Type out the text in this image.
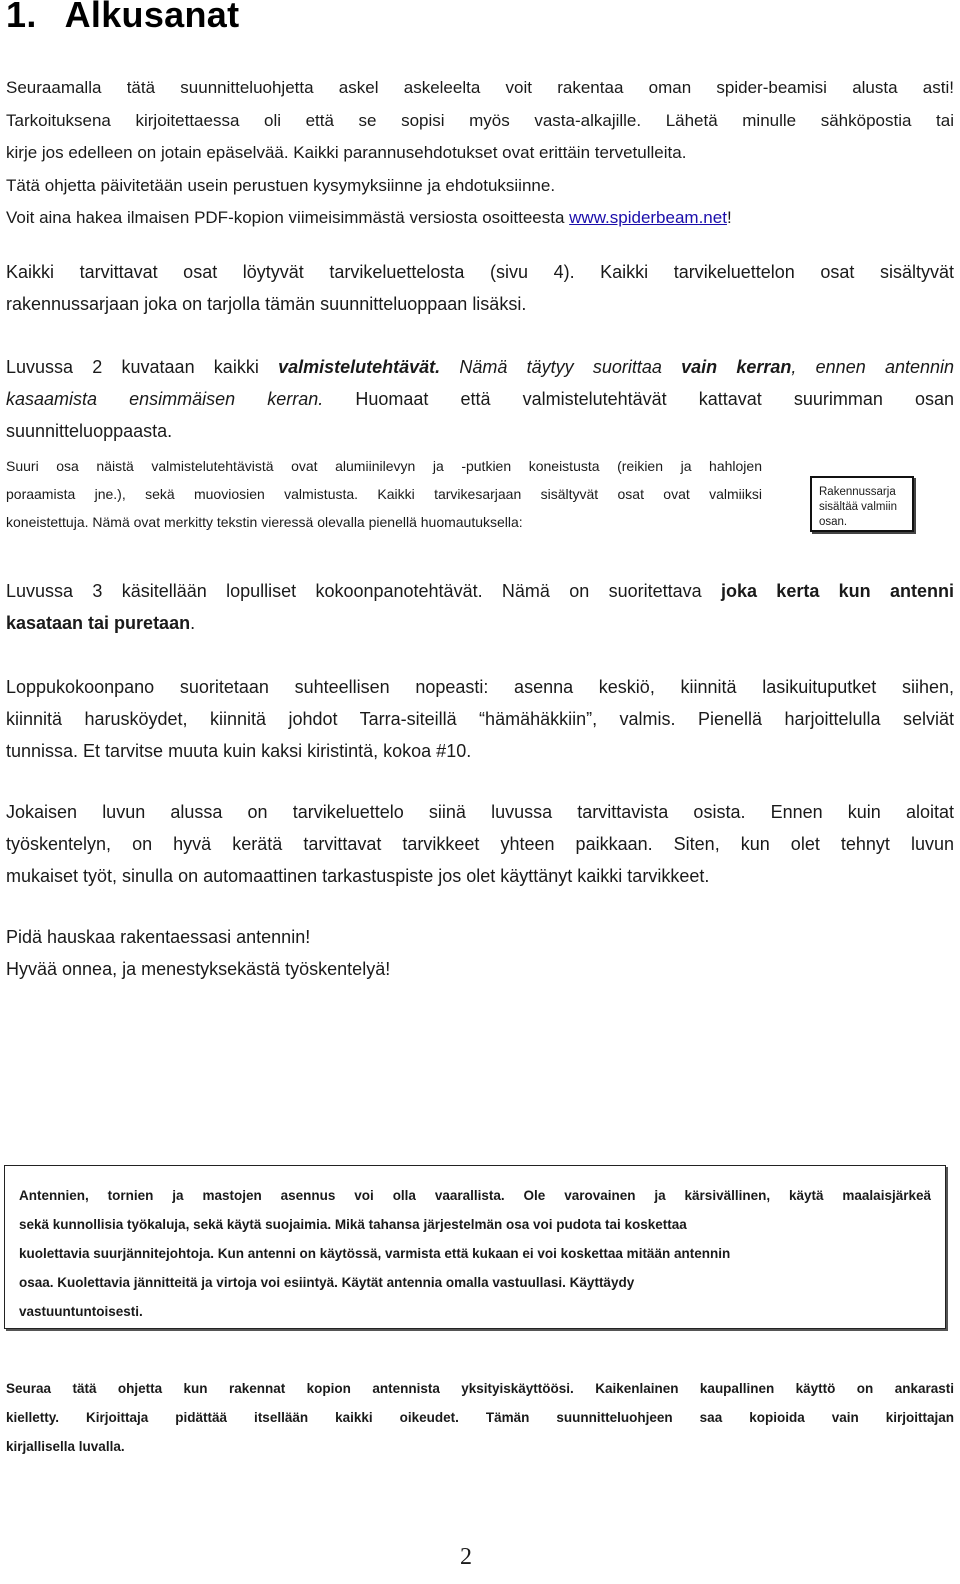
1. Alkusanat
Seuraamalla tätä suunnitteluohjetta askel askeleelta voit rakentaa oman spider-beamisi alusta asti!
Tarkoituksena kirjoitettaessa oli että se sopisi myös vasta-alkajille. Lähetä minulle sähköpostia tai
kirje jos edelleen on jotain epäselvää. Kaikki parannusehdotukset ovat erittäin tervetulleita.
Tätä ohjetta päivitetään usein perustuen kysymyksiinne ja ehdotuksiinne.
Voit aina hakea ilmaisen PDF-kopion viimeisimmästä versiosta osoitteesta www.spiderbeam.net!
Kaikki tarvittavat osat löytyvät tarvikeluettelosta (sivu 4). Kaikki tarvikeluettelon osat sisältyvät
rakennussarjaan joka on tarjolla tämän suunnitteluoppaan lisäksi.
Luvussa 2 kuvataan kaikki valmistelutehtävät. Nämä täytyy suorittaa vain kerran, ennen antennin
kasaamista ensimmäisen kerran. Huomaat että valmistelutehtävät kattavat suurimman osan
suunnitteluoppaasta.
Suuri osa näistä valmistelutehtävistä ovat alumiinilevyn ja -putkien koneistusta (reikien ja hahlojen
poraamista jne.), sekä muoviosien valmistusta. Kaikki tarvikesarjaan sisältyvät osat ovat valmiiksi
koneistettuja. Nämä ovat merkitty tekstin vieressä olevalla pienellä huomautuksella:
Rakennussarja
sisältää valmiin
osan.
Luvussa 3 käsitellään lopulliset kokoonpanotehtävät. Nämä on suoritettava joka kerta kun antenni
kasataan tai puretaan.
Loppukokoonpano suoritetaan suhteellisen nopeasti: asenna keskiö, kiinnitä lasikuituputket siihen,
kiinnitä harusköydet, kiinnitä johdot Tarra-siteillä “hämähäkkiin”, valmis. Pienellä harjoittelulla selviät
tunnissa. Et tarvitse muuta kuin kaksi kiristintä, kokoa #10.
Jokaisen luvun alussa on tarvikeluettelo siinä luvussa tarvittavista osista. Ennen kuin aloitat
työskentelyn, on hyvä kerätä tarvittavat tarvikkeet yhteen paikkaan. Siten, kun olet tehnyt luvun
mukaiset työt, sinulla on automaattinen tarkastuspiste jos olet käyttänyt kaikki tarvikkeet.
Pidä hauskaa rakentaessasi antennin!
Hyvää onnea, ja menestyksekästä työskentelyä!
Antennien, tornien ja mastojen asennus voi olla vaarallista. Ole varovainen ja kärsivällinen, käytä maalaisjärkeä
sekä kunnollisia työkaluja, sekä käytä suojaimia. Mikä tahansa järjestelmän osa voi pudota tai koskettaa
kuolettavia suurjännitejohtoja. Kun antenni on käytössä, varmista että kukaan ei voi koskettaa mitään antennin
osaa. Kuolettavia jännitteitä ja virtoja voi esiintyä. Käytät antennia omalla vastuullasi. Käyttäydy
vastuuntuntoisesti.
Seuraa tätä ohjetta kun rakennat kopion antennista yksityiskäyttöösi. Kaikenlainen kaupallinen käyttö on ankarasti
kielletty. Kirjoittaja pidättää itsellään kaikki oikeudet. Tämän suunnitteluohjeen saa kopioida vain kirjoittajan
kirjallisella luvalla.
2
